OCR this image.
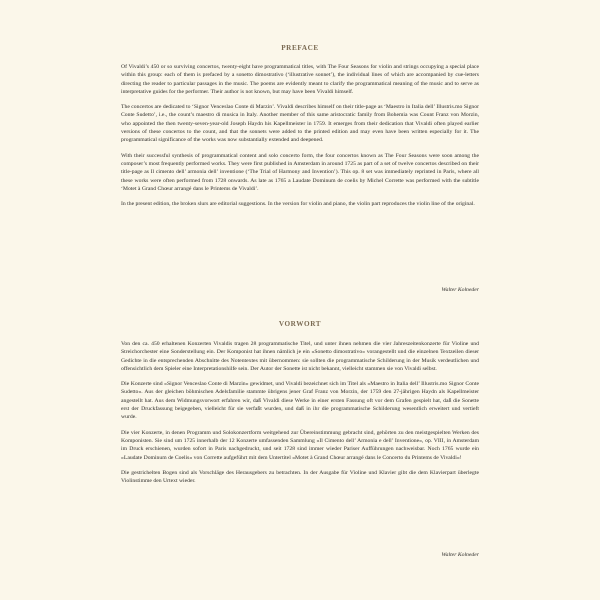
PREFACE

Of Vivaldi’s 450 or so surviving concertos, twenty-eight have programmatical titles, with The Four Seasons for violin and strings occupying a special place within this group: each of them is prefaced by a sonetto dimostrativo (‘illustrative sonnet’), the individual lines of which are accompanied by cue-letters directing the reader to particular passages in the music. The poems are evidently meant to clarify the programmatical meaning of the music and to serve as interpretative guides for the performer. Their author is not known, but may have been Vivaldi himself.

The concertos are dedicated to ‘Signor Venceslao Conte di Marzin’. Vivaldi describes himself on their title-page as ‘Maestro in Italia dell’ Illustris.mo Signor Conte Sudetto’, i.e., the count’s maestro di musica in Italy. Another member of this same aristocratic family from Bohemia was Count Franz von Morzin, who appointed the then twenty-seven-year-old Joseph Haydn his Kapellmeister in 1759. It emerges from their dedication that Vivaldi often played earlier versions of these concertos to the count, and that the sonnets were added to the printed edition and may even have been written especially for it. The programmatical significance of the works was now substantially extended and deepened.

With their successful synthesis of programmatical content and solo concerto form, the four concertos known as The Four Seasons were soon among the composer’s most frequently performed works. They were first published in Amsterdam in around 1725 as part of a set of twelve concertos described on their title-page as Il cimento dell’ armonia dell’ inventione (‘The Trial of Harmony and Invention’). This op. 8 set was immediately reprinted in Paris, where all these works were often performed from 1728 onwards. As late as 1765 a Laudate Dominum de coelis by Michel Corrette was performed with the subtitle ‘Motet à Grand Chœur arrangé dans le Printems de Vivaldi’.

In the present edition, the broken slurs are editorial suggestions. In the version for violin and piano, the violin part reproduces the violin line of the original.

Walter Kolneder

VORWORT

Von den ca. 450 erhaltenen Konzerten Vivaldis tragen 28 programmatische Titel, und unter ihnen nehmen die vier Jahreszeitenkonzerte für Violine und Streichorchester eine Sonderstellung ein. Der Komponist hat ihnen nämlich je ein »Sonetto dimostrativo« vorangestellt und die einzelnen Textzeilen dieser Gedichte in die entsprechenden Abschnitte des Notentextes mit übernommen: sie sollten die programmatische Schilderung in der Musik verdeutlichen und offensichtlich dem Spieler eine Interpretationshilfe sein. Der Autor der Sonette ist nicht bekannt, vielleicht stammen sie von Vivaldi selbst.

Die Konzerte sind »Signor Venceslao Conte di Marzin« gewidmet, und Vivaldi bezeichnet sich im Titel als »Maestro in Italia dell’ Illustris.mo Signor Conte Sudetto«. Aus der gleichen böhmischen Adelsfamilie stammte übrigens jener Graf Franz von Morzin, der 1759 den 27-jährigen Haydn als Kapellmeister angestellt hat. Aus dem Widmungsvorwort erfahren wir, daß Vivaldi diese Werke in einer ersten Fassung oft vor dem Grafen gespielt hat, daß die Sonette erst der Druckfassung beigegeben, vielleicht für sie verfaßt wurden, und daß in ihr die programmatische Schilderung wesentlich erweitert und vertieft wurde.

Die vier Konzerte, in denen Programm und Solokonzertform weitgehend zur Übereinstimmung gebracht sind, gehörten zu den meistgespielten Werken des Komponisten. Sie sind um 1725 innerhalb der 12 Konzerte umfassenden Sammlung »Il Cimento dell’ Armonia e dell’ Inventione«, op. VIII, in Amsterdam im Druck erschienen, wurden sofort in Paris nachgedruckt, und seit 1728 sind immer wieder Pariser Aufführungen nachweisbar. Noch 1765 wurde ein »Laudate Dominum de Coelis« von Corrette aufgeführt mit dem Untertitel »Motet à Grand Chœur arrangé dans le Concerto du Printems de Vivaldi«!

Die gestrichelten Bogen sind als Vorschläge des Herausgebers zu betrachten. In der Ausgabe für Violine und Klavier gibt die dem Klavierpart überlegte Violinstimme den Urtext wieder.

Walter Kolneder
